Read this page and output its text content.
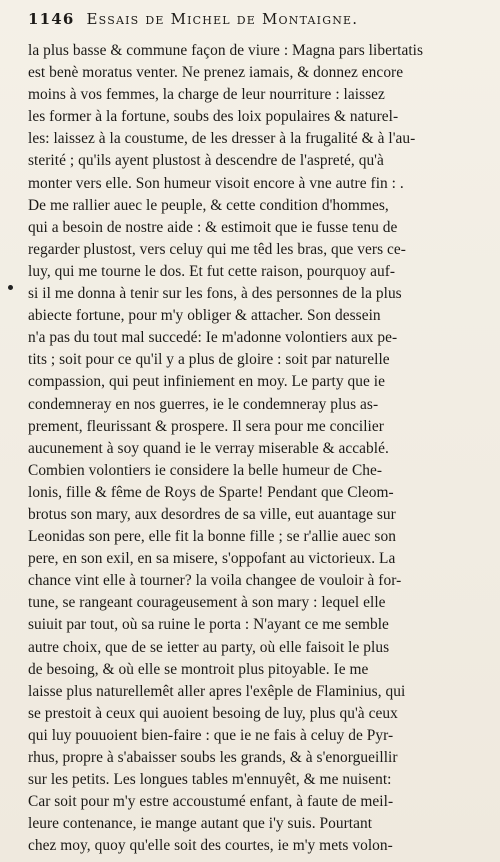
1146 Essais de Michel de Montaigne.
la plus basse & commune façon de viure : Magna pars libertatis
est benè moratus venter. Ne prenez iamais, & donnez encore
moins à vos femmes, la charge de leur nourriture : laissez
les former à la fortune, soubs des loix populaires & naturel-
les: laissez à la coustume, de les dresser à la frugalité & à l'au-
sterité ; qu'ils ayent plustost à descendre de l'aspreté, qu'à
monter vers elle. Son humeur visoit encore à vne autre fin : .
De me rallier auec le peuple, & cette condition d'hommes,
qui a besoin de nostre aide : & estimoit que ie fusse tenu de
regarder plustost, vers celuy qui me têd les bras, que vers ce-
luy, qui me tourne le dos. Et fut cette raison, pourquoy auf-
si il me donna à tenir sur les fons, à des personnes de la plus
abiecte fortune, pour m'y obliger & attacher. Son dessein
n'a pas du tout mal succedé: Ie m'adonne volontiers aux pe-
tits ; soit pour ce qu'il y a plus de gloire : soit par naturelle
compassion, qui peut infiniement en moy. Le party que ie
condemneray en nos guerres, ie le condemneray plus as-
prement, fleurissant & prospere. Il sera pour me concilier
aucunement à soy quand ie le verray miserable & accablé.
Combien volontiers ie considere la belle humeur de Che-
lonis, fille & fême de Roys de Sparte! Pendant que Cleom-
brotus son mary, aux desordres de sa ville, eut auantage sur
Leonidas son pere, elle fit la bonne fille ; se r'allie auec son
pere, en son exil, en sa misere, s'oppofant au victorieux. La
chance vint elle à tourner? la voila changee de vouloir à for-
tune, se rangeant courageusement à son mary : lequel elle
suiuit par tout, où sa ruine le porta : N'ayant ce me semble
autre choix, que de se ietter au party, où elle faisoit le plus
de besoing, & où elle se montroit plus pitoyable. Ie me
laisse plus naturellemêt aller apres l'exêple de Flaminius, qui
se prestoit à ceux qui auoient besoing de luy, plus qu'à ceux
qui luy pouuoient bien-faire : que ie ne fais à celuy de Pyr-
rhus, propre à s'abaisser soubs les grands, & à s'enorgueillir
sur les petits. Les longues tables m'ennuyêt, & me nuisent:
Car soit pour m'y estre accoustumé enfant, à faute de meil-
leure contenance, ie mange autant que i'y suis. Pourtant
chez moy, quoy qu'elle soit des courtes, ie m'y mets volon-
